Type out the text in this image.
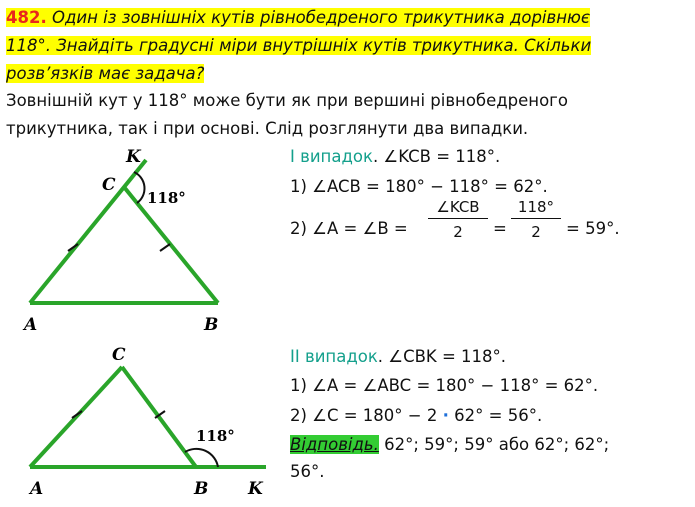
482. Один із зовнішніх кутів рівнобедреного трикутника дорівнює
118°. Знайдіть градусні міри внутрішніх кутів трикутника. Скільки
розв’язків має задача?
Зовнішній кут у 118° може бути як при вершині рівнобедреного
трикутника, так і при основі. Слід розглянути два випадки.
І випадок. ∠KCB = 118°.
1) ∠ACB = 180° − 118° = 62°.
2) ∠A = ∠B =
∠KCB
2	=
118°
2	= 59°.
ІІ випадок. ∠CBK = 118°.
1) ∠A = ∠ABC = 180° − 118° = 62°.
2) ∠C = 180° − 2 · 62° = 56°.
Відповідь. 62°; 59°; 59° або 62°; 62°;
56°.
A	B
C
K
118°
A	B
C
K
118°
